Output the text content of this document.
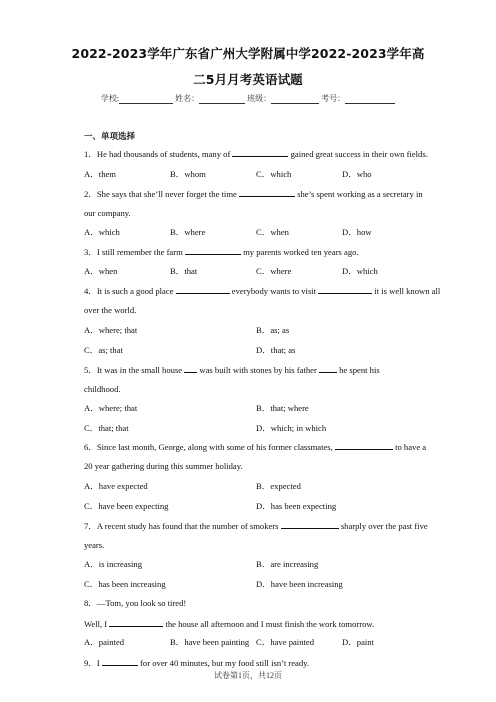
2022-2023学年广东省广州大学附属中学2022-2023学年高
二5月月考英语试题
学校:	姓名：	班级：	考号：
一、单项选择
1．He had thousands of students, many of	gained great success in their own fields.
A．them	B．whom	C．which	D．who
2．She says that she’ll never forget the time	she’s spent working as a secretary in
our company.
A．which	B．where	C．when	D．how
3．I still remember the farm	my parents worked ten years ago.
A．when	B．that	C．where	D．which
4．It is such a good place	everybody wants to visit	it is well known all
over the world.
A．where; that	B．as; as
C．as; that	D．that; as
5．It was in the small house  was built with stones by his father  he spent his
childhood.
A．where; that	B．that; where
C．that; that	D．which; in which
6．Since last month, George, along with some of his former classmates,	to have a
20 year gathering during this summer holiday.
A．have expected	B．expected
C．have been expecting	D．has been expecting
7．A recent study has found that the number of smokers	sharply over the past five
years.
A．is increasing	B．are increasing
C．has been increasing	D．have been increasing
8．—Tom, you look so tired!
Well, I	the house all afternoon and I must finish the work tomorrow.
A．painted	B．have been painting C．have painted	D．paint
9．I	for over 40 minutes, but my food still isn’t ready.
试卷第1页，共12页
